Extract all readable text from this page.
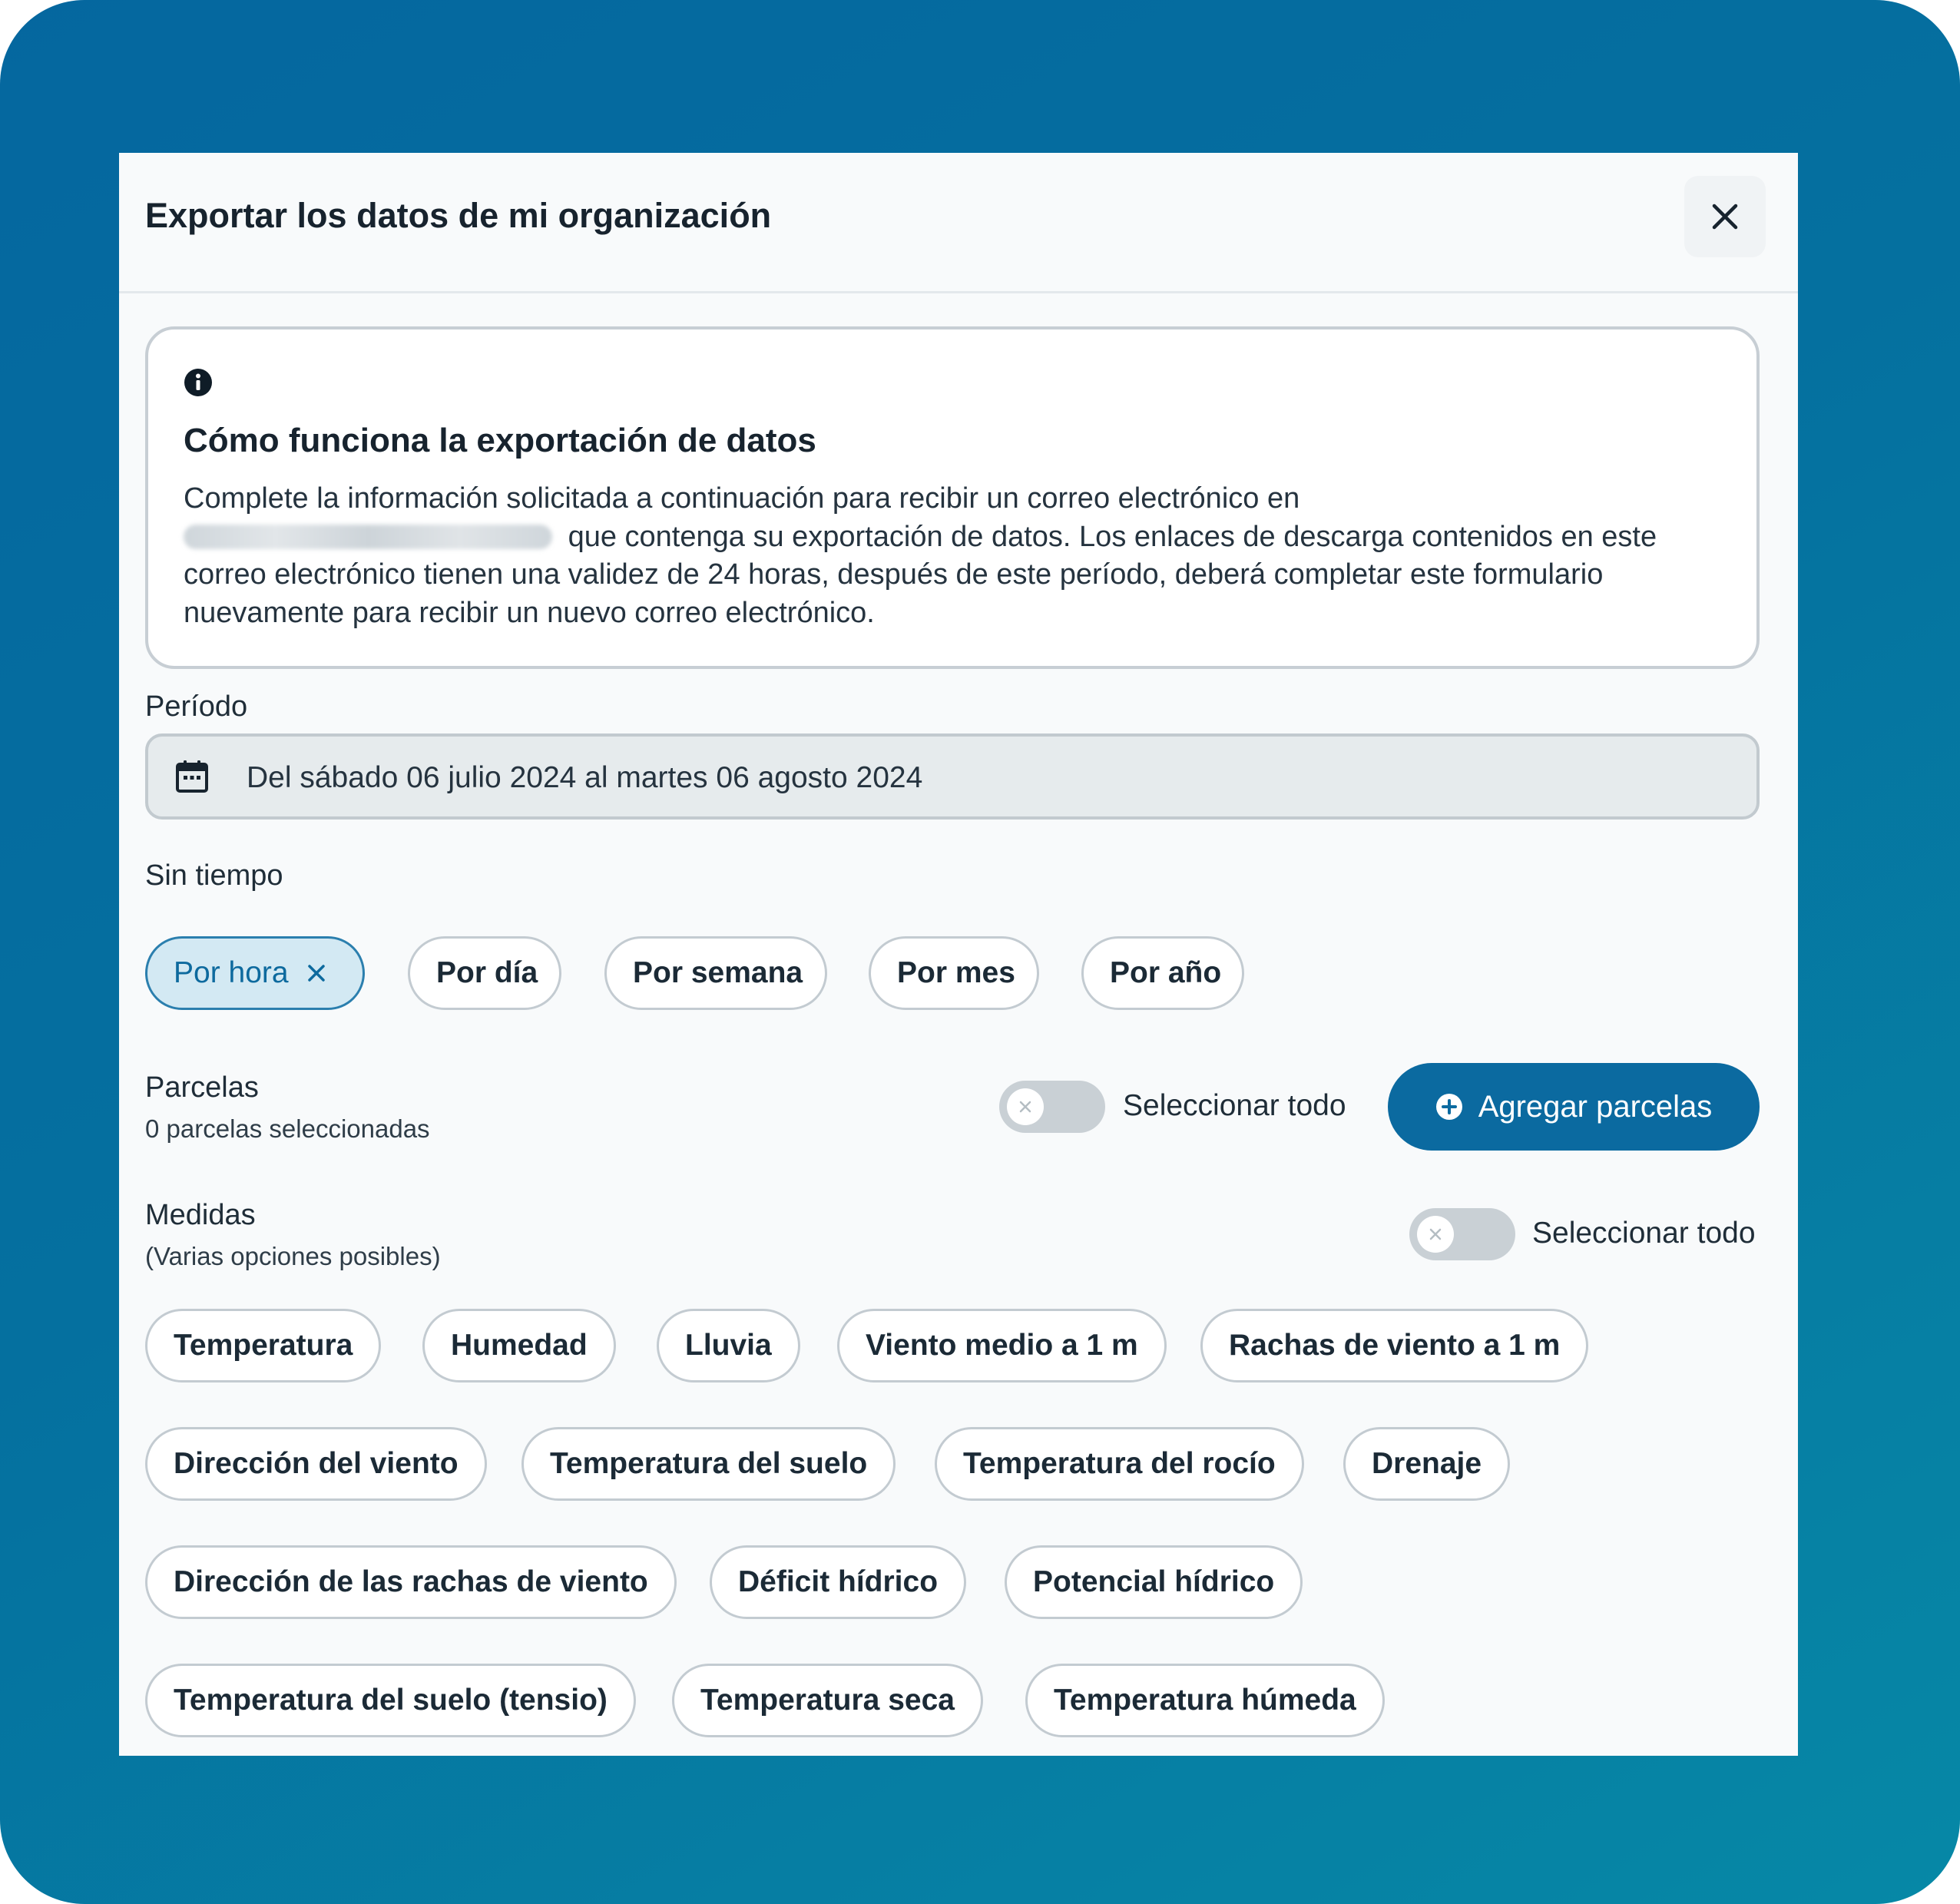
Exportar los datos de mi organización
Cómo funciona la exportación de datos
Complete la información solicitada a continuación para recibir un correo electrónico en
que contenga su exportación de datos. Los enlaces de descarga contenidos en este correo electrónico tienen una validez de 24 horas, después de este período, deberá completar este formulario nuevamente para recibir un nuevo correo electrónico.
Período
Del sábado 06 julio 2024 al martes 06 agosto 2024
Sin tiempo
Por hora	Por día	Por semana	Por mes	Por año
Parcelas
0 parcelas seleccionadas
Seleccionar todo	Agregar parcelas
Medidas
(Varias opciones posibles)
Seleccionar todo
Temperatura	Humedad	Lluvia	Viento medio a 1 m	Rachas de viento a 1 m
Dirección del viento	Temperatura del suelo	Temperatura del rocío	Drenaje
Dirección de las rachas de viento	Déficit hídrico	Potencial hídrico
Temperatura del suelo (tensio)	Temperatura seca	Temperatura húmeda
